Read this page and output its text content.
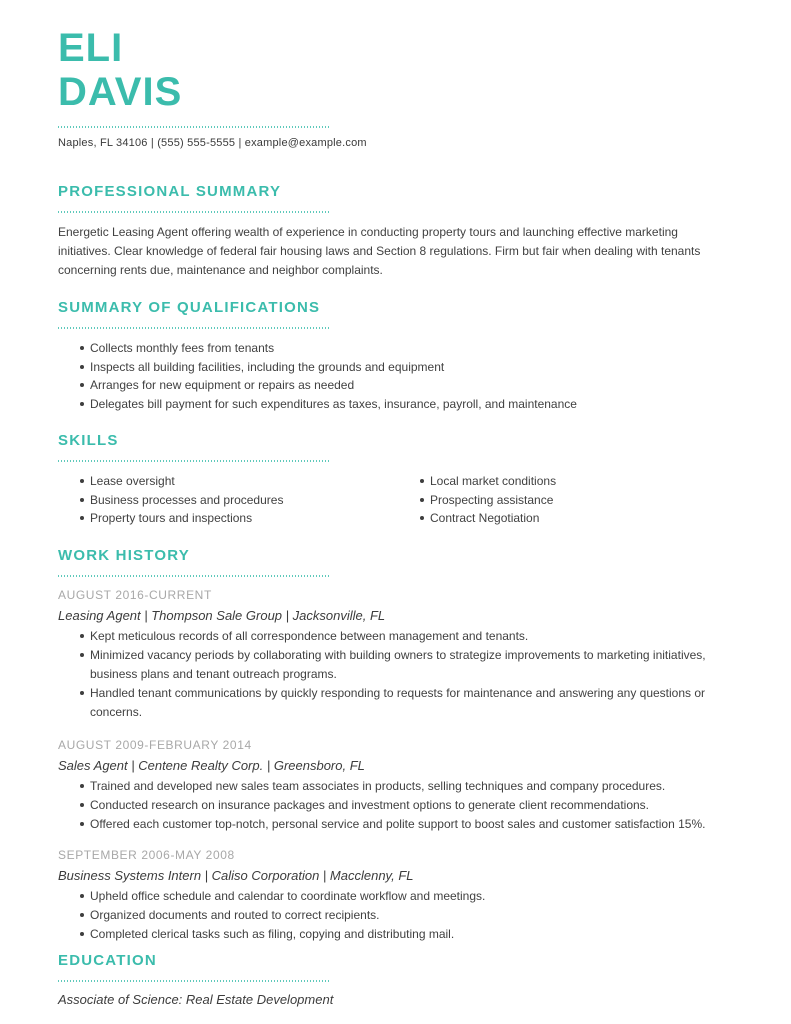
ELI
DAVIS
Naples, FL 34106 | (555) 555-5555 | example@example.com
PROFESSIONAL SUMMARY

Energetic Leasing Agent offering wealth of experience in conducting property tours and launching effective marketing initiatives. Clear knowledge of federal fair housing laws and Section 8 regulations. Firm but fair when dealing with tenants concerning rents due, maintenance and neighbor complaints.

SUMMARY OF QUALIFICATIONS
Collects monthly fees from tenants
Inspects all building facilities, including the grounds and equipment
Arranges for new equipment or repairs as needed
Delegates bill payment for such expenditures as taxes, insurance, payroll, and maintenance
SKILLS
Lease oversight
Business processes and procedures
Property tours and inspections
Local market conditions
Prospecting assistance
Contract Negotiation
WORK HISTORY
AUGUST 2016-CURRENT
Leasing Agent | Thompson Sale Group | Jacksonville, FL
Kept meticulous records of all correspondence between management and tenants.
Minimized vacancy periods by collaborating with building owners to strategize improvements to marketing initiatives, business plans and tenant outreach programs.
Handled tenant communications by quickly responding to requests for maintenance and answering any questions or concerns.
AUGUST 2009-FEBRUARY 2014
Sales Agent | Centene Realty Corp. | Greensboro, FL
Trained and developed new sales team associates in products, selling techniques and company procedures.
Conducted research on insurance packages and investment options to generate client recommendations.
Offered each customer top-notch, personal service and polite support to boost sales and customer satisfaction 15%.
SEPTEMBER 2006-MAY 2008
Business Systems Intern | Caliso Corporation | Macclenny, FL
Upheld office schedule and calendar to coordinate workflow and meetings.
Organized documents and routed to correct recipients.
Completed clerical tasks such as filing, copying and distributing mail.
EDUCATION

Associate of Science: Real Estate Development
